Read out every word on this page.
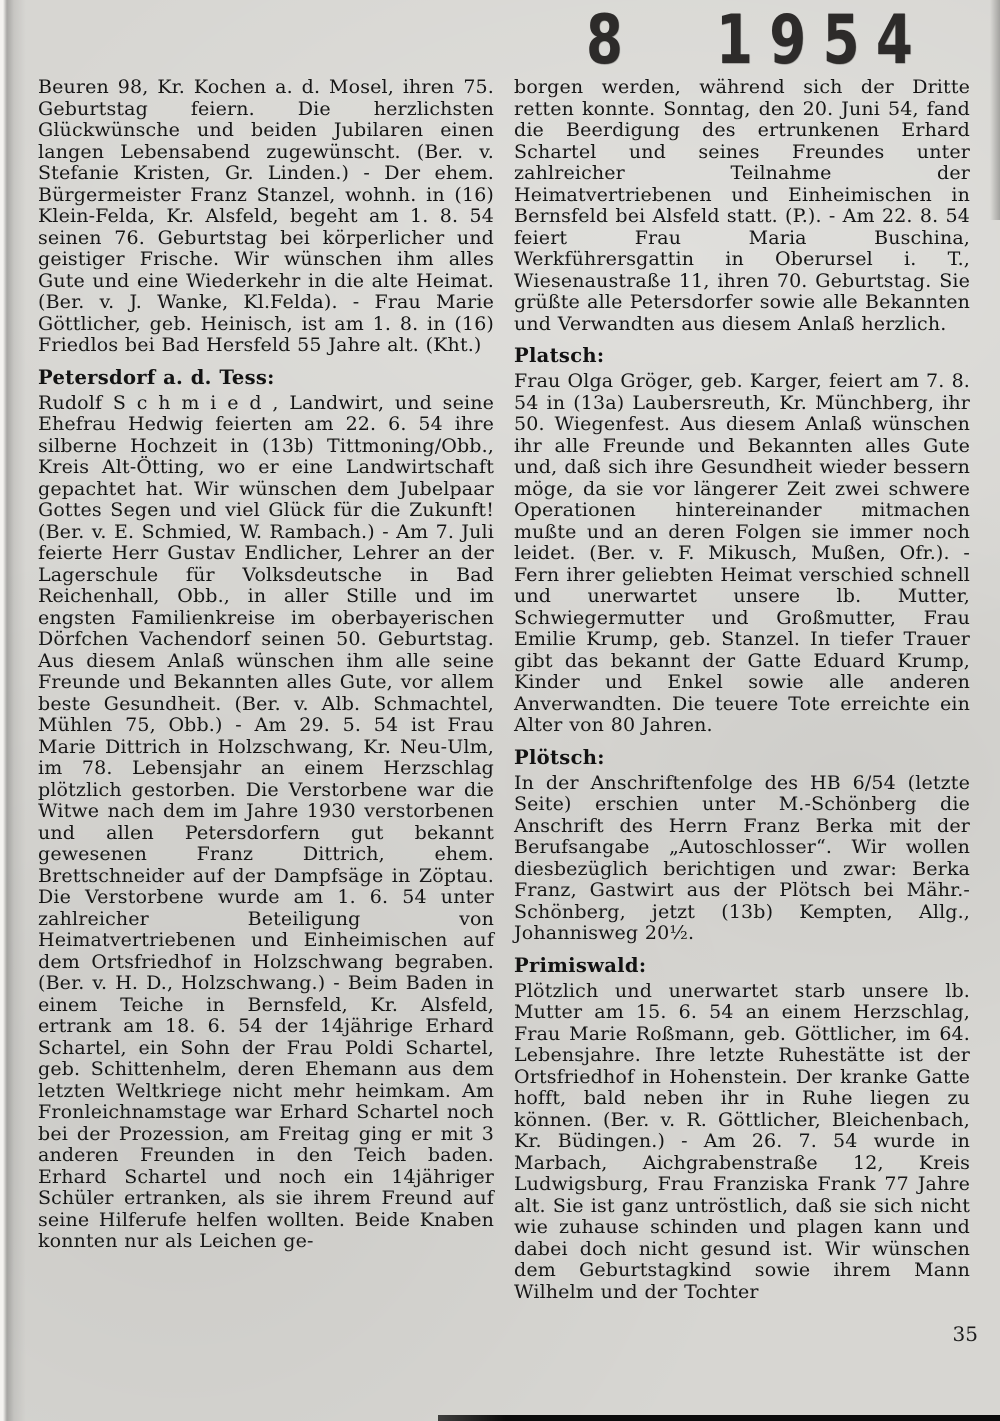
8 1954

Beuren 98, Kr. Kochen a. d. Mosel, ihren 75. Geburtstag feiern. Die herzlichsten Glückwünsche und beiden Jubilaren einen langen Lebensabend zugewünscht. (Ber. v. Stefanie Kristen, Gr. Linden.) - Der ehem. Bürgermeister Franz Stanzel, wohnh. in (16) Klein-Felda, Kr. Alsfeld, begeht am 1. 8. 54 seinen 76. Geburtstag bei körperlicher und geistiger Frische. Wir wünschen ihm alles Gute und eine Wiederkehr in die alte Heimat. (Ber. v. J. Wanke, Kl.Felda). - Frau Marie Göttlicher, geb. Heinisch, ist am 1. 8. in (16) Friedlos bei Bad Hersfeld 55 Jahre alt. (Kht.)

Petersdorf a. d. Tess:

Rudolf S c h m i e d , Landwirt, und seine Ehefrau Hedwig feierten am 22. 6. 54 ihre silberne Hochzeit in (13b) Tittmoning/Obb., Kreis Alt-Ötting, wo er eine Landwirtschaft gepachtet hat. Wir wünschen dem Jubelpaar Gottes Segen und viel Glück für die Zukunft! (Ber. v. E. Schmied, W. Rambach.) - Am 7. Juli feierte Herr Gustav Endlicher, Lehrer an der Lagerschule für Volksdeutsche in Bad Reichenhall, Obb., in aller Stille und im engsten Familienkreise im oberbayerischen Dörfchen Vachendorf seinen 50. Geburtstag. Aus diesem Anlaß wünschen ihm alle seine Freunde und Bekannten alles Gute, vor allem beste Gesundheit. (Ber. v. Alb. Schmachtel, Mühlen 75, Obb.) - Am 29. 5. 54 ist Frau Marie Dittrich in Holzschwang, Kr. Neu-Ulm, im 78. Lebensjahr an einem Herzschlag plötzlich gestorben. Die Verstorbene war die Witwe nach dem im Jahre 1930 verstorbenen und allen Petersdorfern gut bekannt gewesenen Franz Dittrich, ehem. Brettschneider auf der Dampfsäge in Zöptau. Die Verstorbene wurde am 1. 6. 54 unter zahlreicher Beteiligung von Heimatvertriebenen und Einheimischen auf dem Ortsfriedhof in Holzschwang begraben. (Ber. v. H. D., Holzschwang.) - Beim Baden in einem Teiche in Bernsfeld, Kr. Alsfeld, ertrank am 18. 6. 54 der 14jährige Erhard Schartel, ein Sohn der Frau Poldi Schartel, geb. Schittenhelm, deren Ehemann aus dem letzten Weltkriege nicht mehr heimkam. Am Fronleichnamstage war Erhard Schartel noch bei der Prozession, am Freitag ging er mit 3 anderen Freunden in den Teich baden. Erhard Schartel und noch ein 14jähriger Schüler ertranken, als sie ihrem Freund auf seine Hilferufe helfen wollten. Beide Knaben konnten nur als Leichen ge-

borgen werden, während sich der Dritte retten konnte. Sonntag, den 20. Juni 54, fand die Beerdigung des ertrunkenen Erhard Schartel und seines Freundes unter zahlreicher Teilnahme der Heimatvertriebenen und Einheimischen in Bernsfeld bei Alsfeld statt. (P.). - Am 22. 8. 54 feiert Frau Maria Buschina, Werkführersgattin in Oberursel i. T., Wiesenaustraße 11, ihren 70. Geburtstag. Sie grüßte alle Petersdorfer sowie alle Bekannten und Verwandten aus diesem Anlaß herzlich.

Platsch:

Frau Olga Gröger, geb. Karger, feiert am 7. 8. 54 in (13a) Laubersreuth, Kr. Münchberg, ihr 50. Wiegenfest. Aus diesem Anlaß wünschen ihr alle Freunde und Bekannten alles Gute und, daß sich ihre Gesundheit wieder bessern möge, da sie vor längerer Zeit zwei schwere Operationen hintereinander mitmachen mußte und an deren Folgen sie immer noch leidet. (Ber. v. F. Mikusch, Mußen, Ofr.). - Fern ihrer geliebten Heimat verschied schnell und unerwartet unsere lb. Mutter, Schwiegermutter und Großmutter, Frau Emilie Krump, geb. Stanzel. In tiefer Trauer gibt das bekannt der Gatte Eduard Krump, Kinder und Enkel sowie alle anderen Anverwandten. Die teuere Tote erreichte ein Alter von 80 Jahren.

Plötsch:

In der Anschriftenfolge des HB 6/54 (letzte Seite) erschien unter M.-Schönberg die Anschrift des Herrn Franz Berka mit der Berufsangabe „Autoschlosser“. Wir wollen diesbezüglich berichtigen und zwar: Berka Franz, Gastwirt aus der Plötsch bei Mähr.-Schönberg, jetzt (13b) Kempten, Allg., Johannisweg 20½.

Primiswald:

Plötzlich und unerwartet starb unsere lb. Mutter am 15. 6. 54 an einem Herzschlag, Frau Marie Roßmann, geb. Göttlicher, im 64. Lebensjahre. Ihre letzte Ruhestätte ist der Ortsfriedhof in Hohenstein. Der kranke Gatte hofft, bald neben ihr in Ruhe liegen zu können. (Ber. v. R. Göttlicher, Bleichenbach, Kr. Büdingen.) - Am 26. 7. 54 wurde in Marbach, Aichgrabenstraße 12, Kreis Ludwigsburg, Frau Franziska Frank 77 Jahre alt. Sie ist ganz untröstlich, daß sie sich nicht wie zuhause schinden und plagen kann und dabei doch nicht gesund ist. Wir wünschen dem Geburtstagkind sowie ihrem Mann Wilhelm und der Tochter

35
